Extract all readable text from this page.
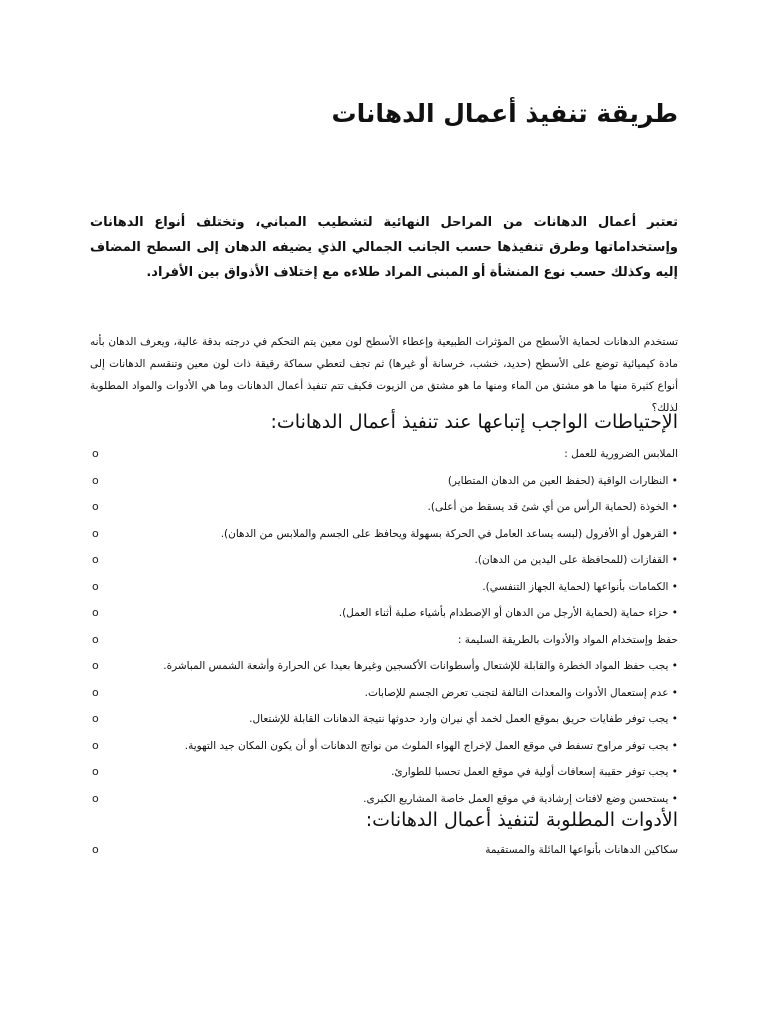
طريقة تنفيذ أعمال الدهانات

تعتبر أعمال الدهانات من المراحل النهائية لتشطيب المباني، وتختلف أنواع الدهانات وإستخداماتها وطرق تنفيذها حسب الجانب الجمالي الذي يضيفه الدهان إلى السطح المضاف إليه وكذلك حسب نوع المنشأة أو المبنى المراد طلاءه مع إختلاف الأذواق بين الأفراد.

تستخدم الدهانات لحماية الأسطح من المؤثرات الطبيعية وإعطاء الأسطح لون معين يتم التحكم في درجته بدقة عالية، ويعرف الدهان بأنه مادة كيميائية توضع على الأسطح (حديد، خشب، خرسانة أو غيرها) ثم تجف لتعطي سماكة رقيقة ذات لون معين وتنقسم الدهانات إلى أنواع كثيرة منها ما هو مشتق من الماء ومنها ما هو مشتق من الزيوت فكيف تتم تنفيذ أعمال الدهانات وما هي الأدوات والمواد المطلوبة لذلك؟

الإحتياطات الواجب إتباعها عند تنفيذ أعمال الدهانات:
o	الملابس الضرورية للعمل :
o	• النظارات الواقية (لحفظ العين من الدهان المتطاير)
o	• الخوذة (لحماية الرأس من أي شئ قد يسقط من أعلى).
o	• القرهول أو الأفرول (لبسه يساعد العامل في الحركة بسهولة ويحافظ على الجسم والملابس من الدهان).
o	• القفازات (للمحافظة على اليدين من الدهان).
o	• الكمامات بأنواعها (لحماية الجهاز التنفسي).
o	• حزاء حماية (لحماية الأرجل من الدهان أو الإصطدام بأشياء صلبة أثناء العمل).
o	حفظ وإستخدام المواد والأدوات بالطريقة السليمة :
o	• يجب حفظ المواد الخطرة والقابلة للإشتعال وأسطوانات الأكسجين وغيرها بعيدا عن الحرارة وأشعة الشمس المباشرة.
o	• عدم إستعمال الأدوات والمعدات التالفة لتجنب تعرض الجسم للإصابات.
o	• يجب توفر طفايات حريق بموقع العمل لخمد أي نيران وارد حدوثها نتيجة الدهانات القابلة للإشتعال.
o	• يجب توفر مراوح تسفط في موقع العمل لإخراج الهواء الملوث من نواتج الدهانات أو أن يكون المكان جيد التهوية.
o	• يجب توفر حقيبة إسعافات أولية في موقع العمل تحسبا للطوارئ.
o	• يستحسن وضع لافتات إرشادية في موقع العمل خاصة المشاريع الكبرى.
الأدوات المطلوبة لتنفيذ أعمال الدهانات:
o	سكاكين الدهانات بأنواعها المائلة والمستقيمة
